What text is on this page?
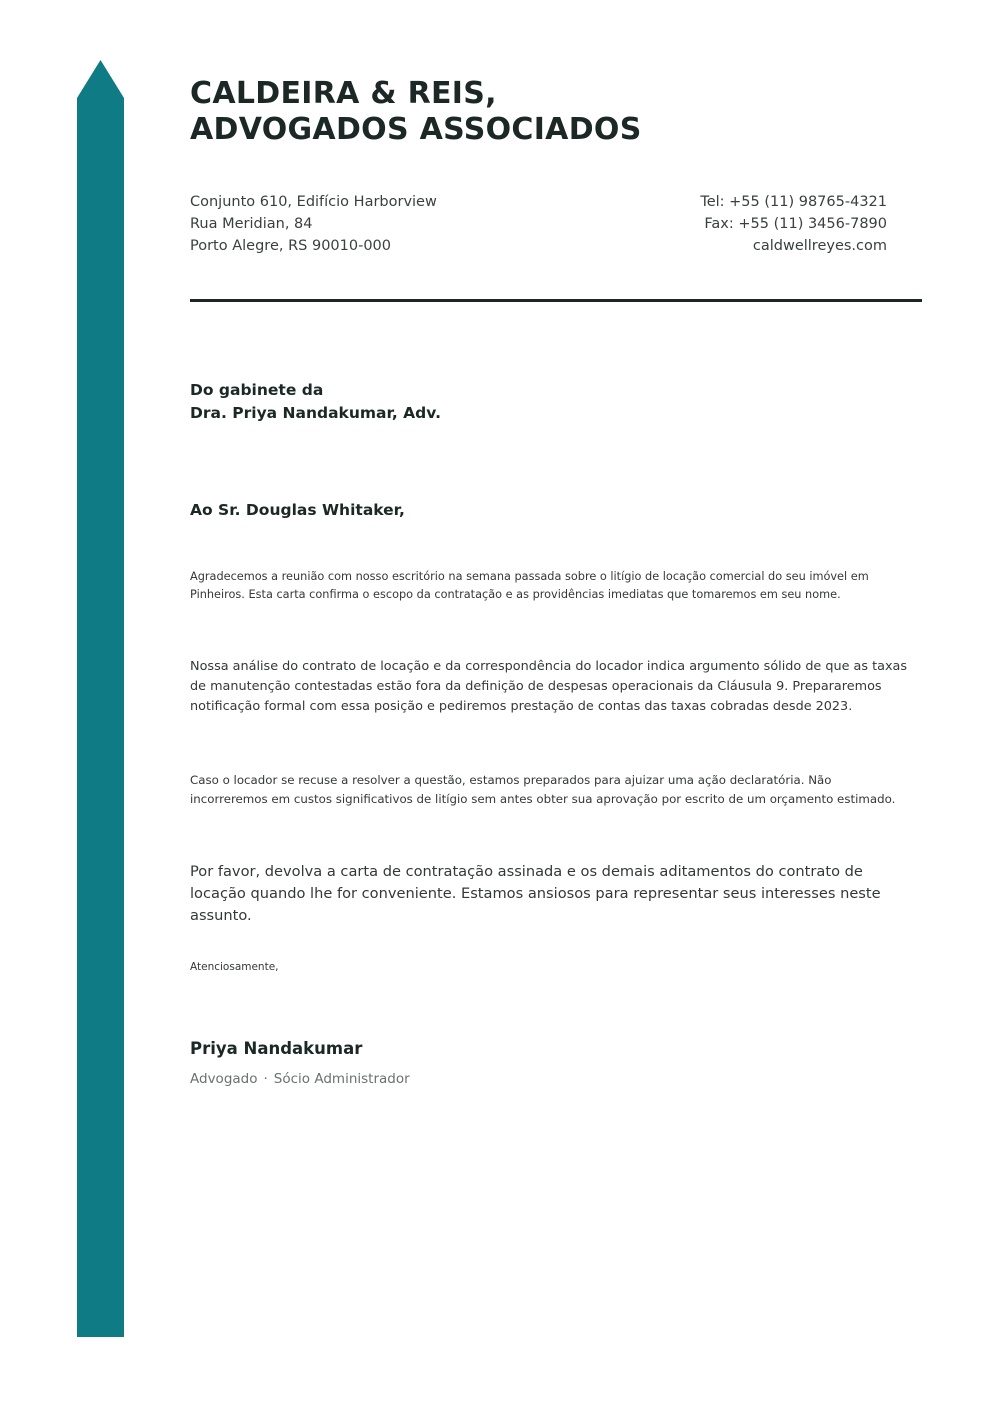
CALDEIRA & REIS,
ADVOGADOS ASSOCIADOS
Conjunto 610, Edifício Harborview
Rua Meridian, 84
Porto Alegre, RS 90010-000
Tel: +55 (11) 98765-4321
Fax: +55 (11) 3456-7890
caldwellreyes.com
Do gabinete da
Dra. Priya Nandakumar, Adv.
Ao Sr. Douglas Whitaker,

Agradecemos a reunião com nosso escritório na semana passada sobre o litígio de locação comercial do seu imóvel em Pinheiros. Esta carta confirma o escopo da contratação e as providências imediatas que tomaremos em seu nome.

Nossa análise do contrato de locação e da correspondência do locador indica argumento sólido de que as taxas de manutenção contestadas estão fora da definição de despesas operacionais da Cláusula 9. Prepararemos notificação formal com essa posição e pediremos prestação de contas das taxas cobradas desde 2023.

Caso o locador se recuse a resolver a questão, estamos preparados para ajuizar uma ação declaratória. Não incorreremos em custos significativos de litígio sem antes obter sua aprovação por escrito de um orçamento estimado.

Por favor, devolva a carta de contratação assinada e os demais aditamentos do contrato de locação quando lhe for conveniente. Estamos ansiosos para representar seus interesses neste assunto.

Atenciosamente,
Priya Nandakumar
Advogado · Sócio Administrador
